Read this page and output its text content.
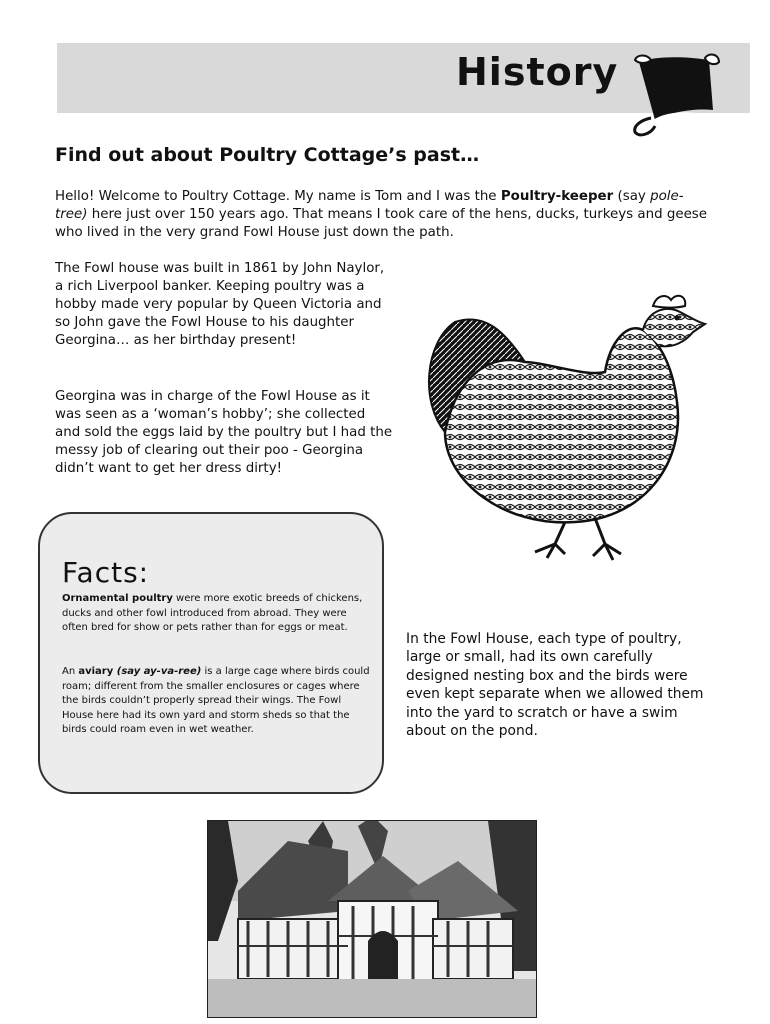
History
Find out about Poultry Cottage’s past…

Hello! Welcome to Poultry Cottage. My name is Tom and I was the Poultry-keeper (say pole-tree) here just over 150 years ago. That means I took care of the hens, ducks, turkeys and geese who lived in the very grand Fowl House just down the path.

The Fowl house was built in 1861 by John Naylor, a rich Liverpool banker. Keeping poultry was a hobby made very popular by Queen Victoria and so John gave the Fowl House to his daughter Georgina… as her birthday present!

Georgina was in charge of the Fowl House as it was seen as a ‘woman’s hobby’; she collected and sold the eggs laid by the poultry but I had the messy job of clearing out their poo - Georgina didn’t want to get her dress dirty!

Facts:

Ornamental poultry were more exotic breeds of chickens, ducks and other fowl introduced from abroad. They were often bred for show or pets rather than for eggs or meat.

An aviary (say ay-va-ree) is a large cage where birds could roam; different from the smaller enclosures or cages where the birds couldn’t properly spread their wings. The Fowl House here had its own yard and storm sheds so that the birds could roam even in wet weather.

In the Fowl House, each type of poultry, large or small, had its own carefully designed nesting box and the birds were even kept separate when we allowed them into the yard to scratch or have a swim about on the pond.
